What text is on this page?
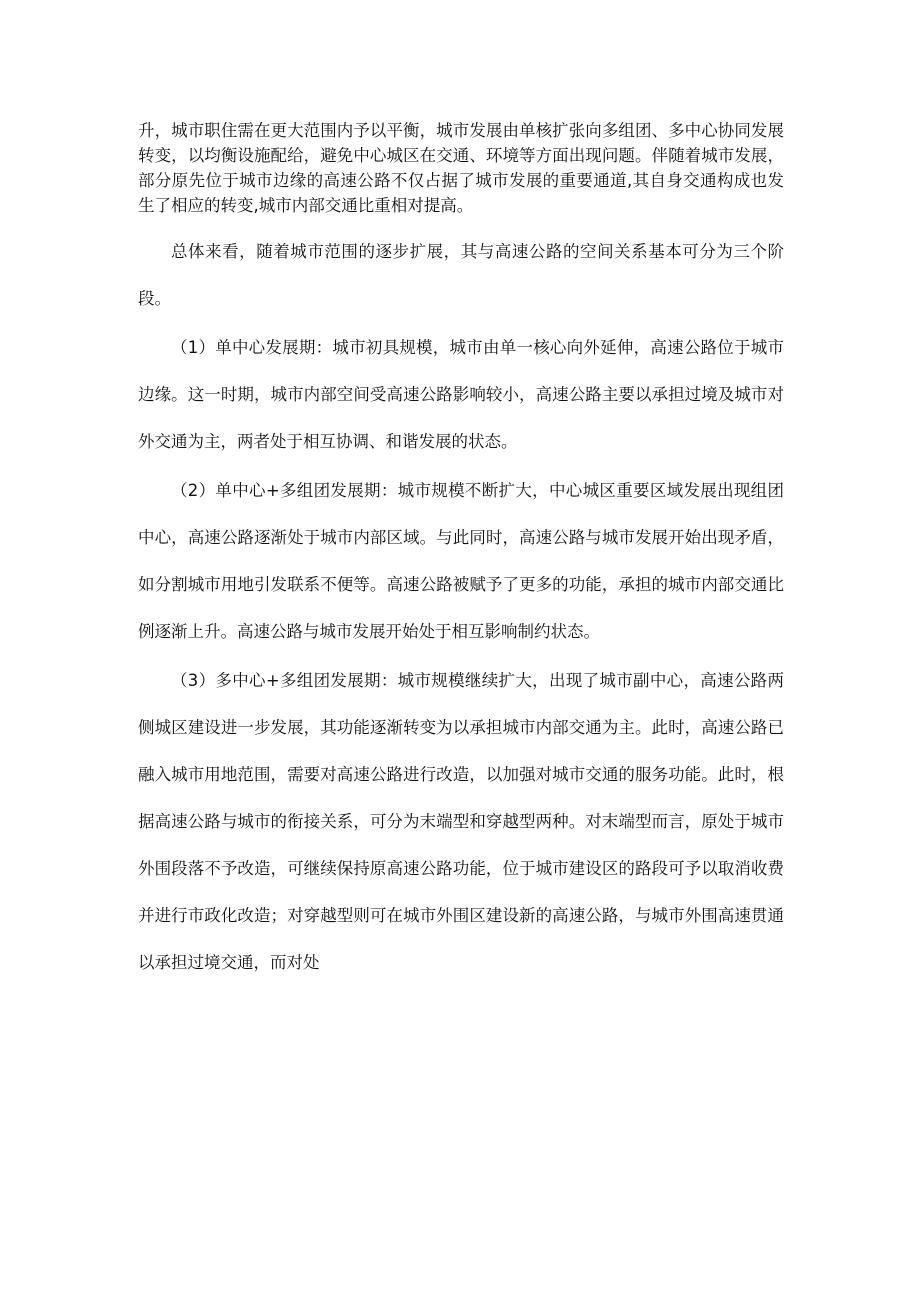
升，城市职住需在更大范围内予以平衡，城市发展由单核扩张向多组团、多中心协同发展转变，以均衡设施配给，避免中心城区在交通、环境等方面出现问题。伴随着城市发展，部分原先位于城市边缘的高速公路不仅占据了城市发展的重要通道,其自身交通构成也发生了相应的转变,城市内部交通比重相对提高。

总体来看，随着城市范围的逐步扩展，其与高速公路的空间关系基本可分为三个阶段。

（1）单中心发展期：城市初具规模，城市由单一核心向外延伸，高速公路位于城市边缘。这一时期，城市内部空间受高速公路影响较小，高速公路主要以承担过境及城市对外交通为主，两者处于相互协调、和谐发展的状态。

（2）单中心+多组团发展期：城市规模不断扩大，中心城区重要区域发展出现组团中心，高速公路逐渐处于城市内部区域。与此同时，高速公路与城市发展开始出现矛盾，如分割城市用地引发联系不便等。高速公路被赋予了更多的功能，承担的城市内部交通比例逐渐上升。高速公路与城市发展开始处于相互影响制约状态。

（3）多中心+多组团发展期：城市规模继续扩大，出现了城市副中心，高速公路两侧城区建设进一步发展，其功能逐渐转变为以承担城市内部交通为主。此时，高速公路已融入城市用地范围，需要对高速公路进行改造，以加强对城市交通的服务功能。此时，根据高速公路与城市的衔接关系，可分为末端型和穿越型两种。对末端型而言，原处于城市外围段落不予改造，可继续保持原高速公路功能，位于城市建设区的路段可予以取消收费并进行市政化改造；对穿越型则可在城市外围区建设新的高速公路，与城市外围高速贯通以承担过境交通，而对处
